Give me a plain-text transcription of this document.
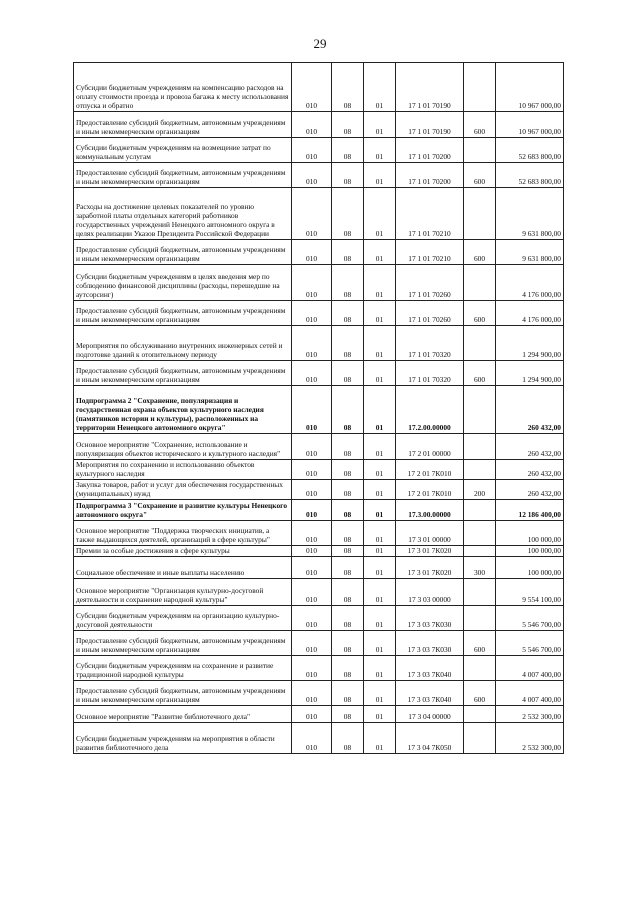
29
Субсидии бюджетным учреждениям на компенсацию расходов на оплату стоимости проезда и провоза багажа к месту использования отпуска и обратно	010	08	01	17 1 01 70190		10 967 000,00
Предоставление субсидий бюджетным, автономным учреждениям и иным некоммерческим организациям	010	08	01	17 1 01 70190	600	10 967 000,00
Субсидии бюджетным учреждениям на возмещение затрат по коммунальным услугам	010	08	01	17 1 01 70200		52 683 800,00
Предоставление субсидий бюджетным, автономным учреждениям и иным некоммерческим организациям	010	08	01	17 1 01 70200	600	52 683 800,00
Расходы на достижение целевых показателей по уровню заработной платы отдельных категорий работников государственных учреждений Ненецкого автономного округа в целях реализации Указов Президента Российской Федерации	010	08	01	17 1 01 70210		9 631 800,00
Предоставление субсидий бюджетным, автономным учреждениям и иным некоммерческим организациям	010	08	01	17 1 01 70210	600	9 631 800,00
Субсидии бюджетным учреждениям в целях введения мер по соблюдению финансовой дисциплины (расходы, перешедшие на аутсорсинг)	010	08	01	17 1 01 70260		4 176 000,00
Предоставление субсидий бюджетным, автономным учреждениям и иным некоммерческим организациям	010	08	01	17 1 01 70260	600	4 176 000,00
Мероприятия по обслуживанию внутренних инженерных сетей и подготовке зданий к отопительному периоду	010	08	01	17 1 01 70320		1 294 900,00
Предоставление субсидий бюджетным, автономным учреждениям и иным некоммерческим организациям	010	08	01	17 1 01 70320	600	1 294 900,00
Подпрограмма 2 "Сохранение, популяризация и государственная охрана объектов культурного наследия (памятников истории и культуры), расположенных на территории Ненецкого автономного округа"	010	08	01	17.2.00.00000		260 432,00
Основное мероприятие "Сохранение, использование и популяризация объектов исторического и культурного наследия"	010	08	01	17 2 01 00000		260 432,00
Мероприятия по сохранению и использованию объектов культурного наследия	010	08	01	17 2 01 7К010		260 432,00
Закупка товаров, работ и услуг для обеспечения государственных (муниципальных) нужд	010	08	01	17 2 01 7К010	200	260 432,00
Подпрограмма 3 "Сохранение и развитие культуры Ненецкого автономного округа"	010	08	01	17.3.00.00000		12 186 400,00
Основное мероприятие "Поддержка творческих инициатив, а также выдающихся деятелей, организаций в сфере культуры"	010	08	01	17 3 01 00000		100 000,00
Премии за особые достижения в сфере культуры	010	08	01	17 3 01 7К020		100 000,00
Социальное обеспечение и иные выплаты населению	010	08	01	17 3 01 7К020	300	100 000,00
Основное мероприятие "Организация культурно-досуговой деятельности и сохранение народной культуры"	010	08	01	17 3 03 00000		9 554 100,00
Субсидии бюджетным учреждениям на организацию культурно-досуговой деятельности	010	08	01	17 3 03 7К030		5 546 700,00
Предоставление субсидий бюджетным, автономным учреждениям и иным некоммерческим организациям	010	08	01	17 3 03 7К030	600	5 546 700,00
Субсидии бюджетным учреждениям на сохранение и развитие традиционной народной культуры	010	08	01	17 3 03 7К040		4 007 400,00
Предоставление субсидий бюджетным, автономным учреждениям и иным некоммерческим организациям	010	08	01	17 3 03 7К040	600	4 007 400,00
Основное мероприятие "Развитие библиотечного дела"	010	08	01	17 3 04 00000		2 532 300,00
Субсидии бюджетным учреждениям на мероприятия в области развития библиотечного дела	010	08	01	17 3 04 7К050		2 532 300,00
